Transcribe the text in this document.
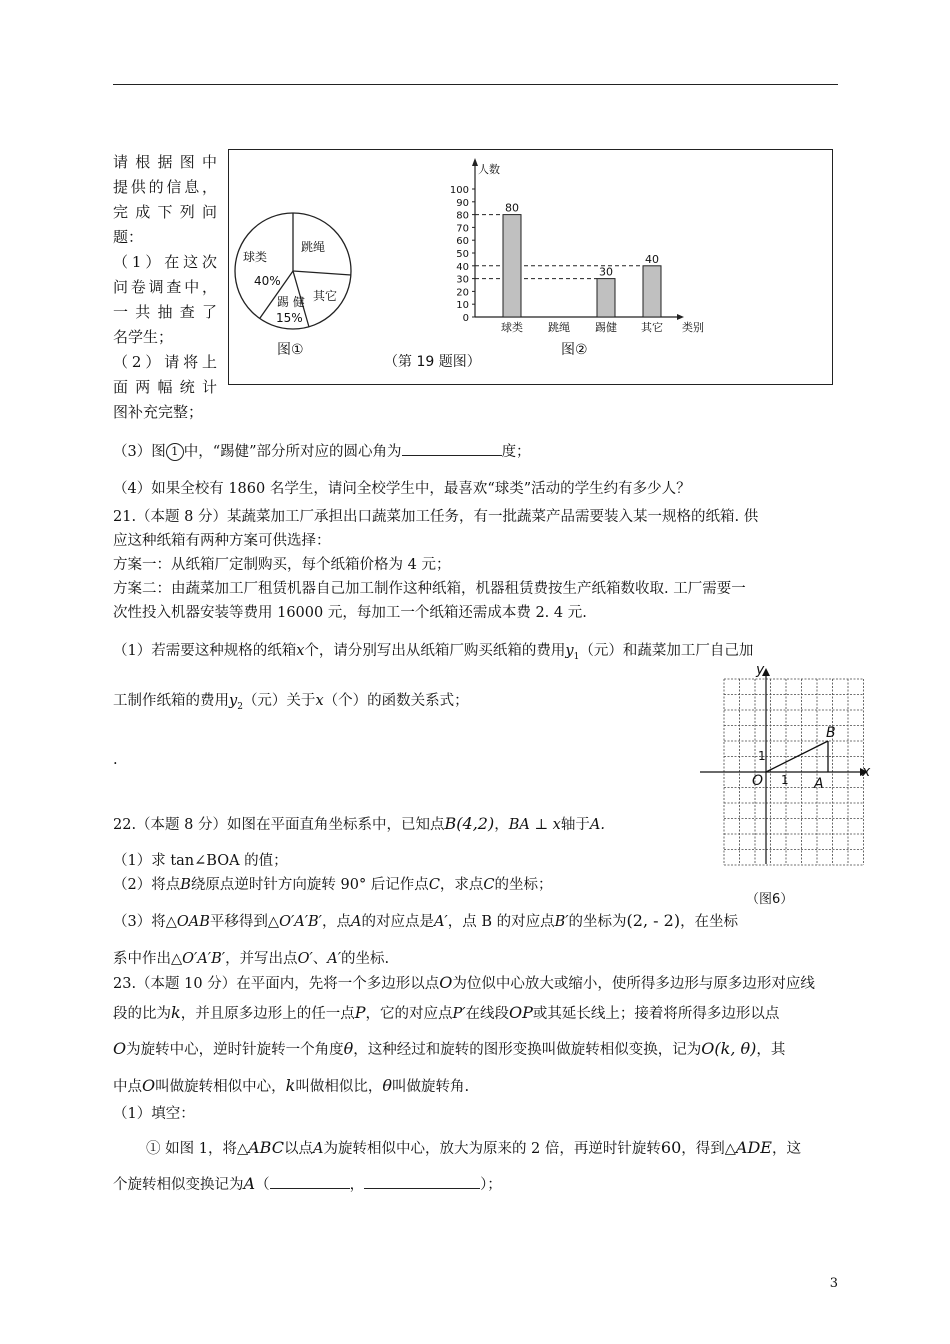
请根据图中
提供的信息，
完成下列问
题：
（1）在这次
问卷调查中，
一共抽查了
名学生；
（2）请将上
面两幅统计
图补充完整；
球类
40%
跳绳
其它
踢 健
15%
图①
人数
类别
0
10
20
30
40
50
60
70
80
90
100
80
球类 跳绳
30
踢健
40
其它
图②
（第 19 题图）
（3）图 1 中，“踢健”部分所对应的圆心角为	度；
（4）如果全校有 1860 名学生，请问全校学生中，最喜欢“球类”活动的学生约有多少人？
21.（本题 8 分）某蔬菜加工厂承担出口蔬菜加工任务，有一批蔬菜产品需要装入某一规格的纸箱. 供
应这种纸箱有两种方案可供选择：
方案一：从纸箱厂定制购买，每个纸箱价格为 4 元；
方案二：由蔬菜加工厂租赁机器自己加工制作这种纸箱，机器租赁费按生产纸箱数收取. 工厂需要一
次性投入机器安装等费用 16000 元，每加工一个纸箱还需成本费 2. 4 元.
（1）若需要这种规格的纸箱x个，请分别写出从纸箱厂购买纸箱的费用$y_1$（元）和蔬菜加工厂自己加
工制作纸箱的费用$y_2$（元）关于x（个）的函数关系式；
.
x
y
O 1
1
A
B
（图6）
22.（本题 8 分）如图在平面直角坐标系中，已知点B(4,2)，BA ⊥ x轴于A.
（1）求 tan∠BOA 的值；
（2）将点B绕原点逆时针方向旋转 90° 后记作点C，求点C的坐标；
（3）将△OAB平移得到△O′A′B′，点A的对应点是A′，点 B 的对应点B′的坐标为(2, - 2)，在坐标
系中作出△O′A′B′，并写出点O′、A′的坐标.
23.（本题 10 分）在平面内，先将一个多边形以点O为位似中心放大或缩小，使所得多边形与原多边形对应线
段的比为k，并且原多边形上的任一点P，它的对应点P′在线段OP或其延长线上；接着将所得多边形以点
O为旋转中心，逆时针旋转一个角度θ，这种经过和旋转的图形变换叫做旋转相似变换，记为O(k, θ)，其
中点O叫做旋转相似中心，k叫做相似比，θ叫做旋转角.
（1）填空：
① 如图 1，将△ABC以点A为旋转相似中心，放大为原来的 2 倍，再逆时针旋转60，得到△ADE，这
个旋转相似变换记为A（	，	）；
3
